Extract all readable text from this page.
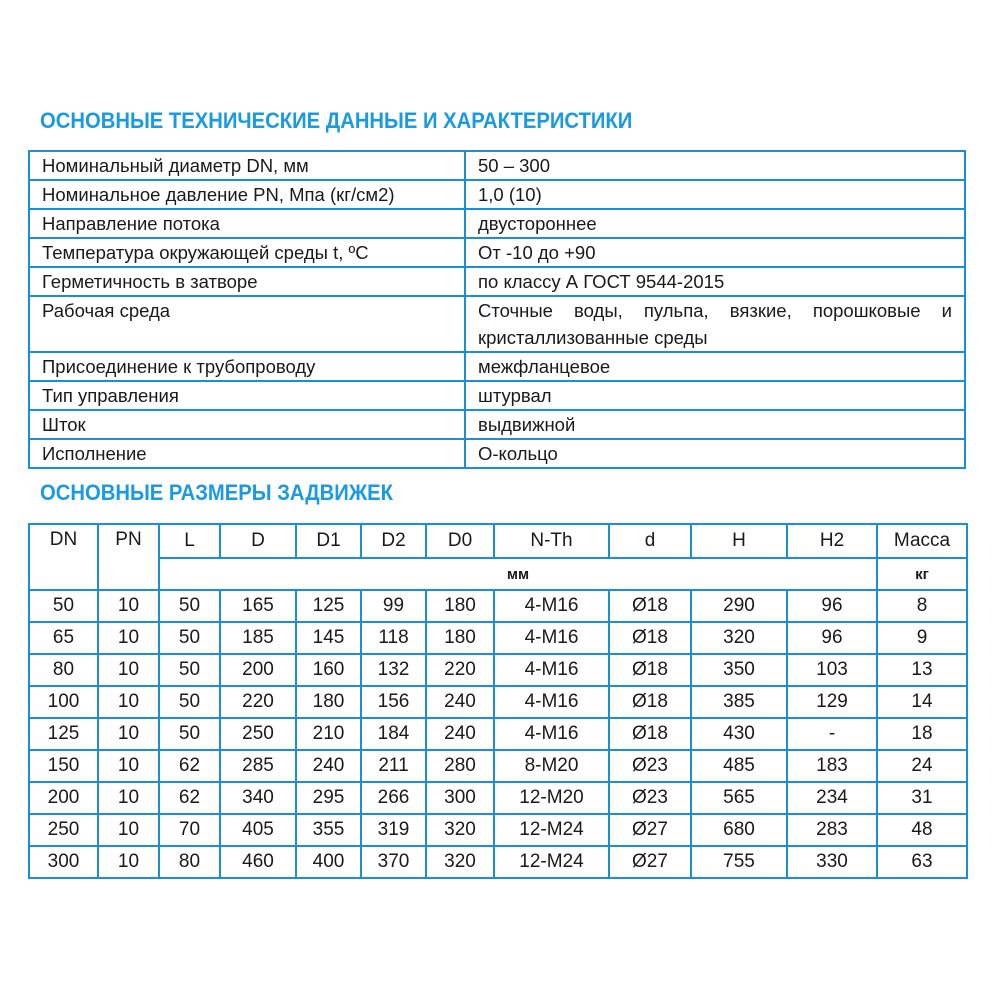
ОСНОВНЫЕ ТЕХНИЧЕСКИЕ ДАННЫЕ И ХАРАКТЕРИСТИКИ
Номинальный диаметр DN, мм	50 – 300
Номинальное давление PN, Мпа (кг/см2)	1,0 (10)
Направление потока	двустороннее
Температура окружающей среды t, ºC	От -10 до +90
Герметичность в затворе	по классу А ГОСТ 9544-2015
Рабочая среда	Сточные воды, пульпа, вязкие, порошковые и кристаллизованные среды
Присоединение к трубопроводу	межфланцевое
Тип управления	штурвал
Шток	выдвижной
Исполнение	О-кольцо
ОСНОВНЫЕ РАЗМЕРЫ ЗАДВИЖЕК
DN	PN	L	D	D1	D2	D0	N-Th	d	H	H2	Масса
		мм									кг
50	10	50	165	125	99	180	4-M16	Ø18	290	96	8
65	10	50	185	145	118	180	4-M16	Ø18	320	96	9
80	10	50	200	160	132	220	4-M16	Ø18	350	103	13
100	10	50	220	180	156	240	4-M16	Ø18	385	129	14
125	10	50	250	210	184	240	4-M16	Ø18	430	-	18
150	10	62	285	240	211	280	8-M20	Ø23	485	183	24
200	10	62	340	295	266	300	12-M20	Ø23	565	234	31
250	10	70	405	355	319	320	12-M24	Ø27	680	283	48
300	10	80	460	400	370	320	12-M24	Ø27	755	330	63
